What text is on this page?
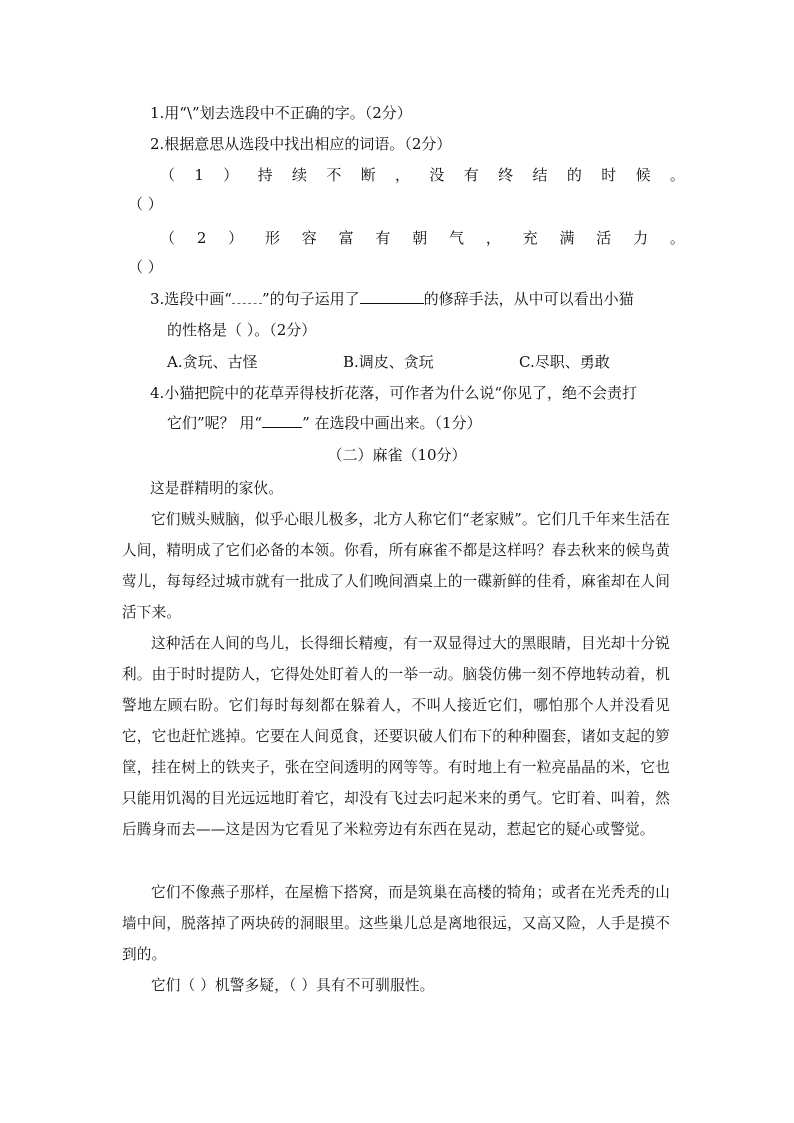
1.用“\”划去选段中不正确的字。（2分）
2.根据意思从选段中找出相应的词语。（2分）
（ 1 ） 持 续 不 断 ， 没 有 终 结 的 时 候 。
（ ）
（ 2 ） 形 容 富 有 朝 气 ， 充 满 活 力 。
（ ）
3.选段中画“ ”的句子运用了	的修辞手法，从中可以看出小猫
的性格是（ ）。（2分）
A.贪玩、古怪	B.调皮、贪玩	C.尽职、勇敢
4.小猫把院中的花草弄得枝折花落，可作者为什么说“你见了，绝不会责打
它们”呢？ 用“	” 在选段中画出来。（1分）
（二）麻雀（10分）
这是群精明的家伙。
它们贼头贼脑，似乎心眼儿极多，北方人称它们“老家贼”。它们几千年来生活在人间，精明成了它们必备的本领。你看，所有麻雀不都是这样吗？春去秋来的候鸟黄莺儿，每每经过城市就有一批成了人们晚间酒桌上的一碟新鲜的佳肴，麻雀却在人间活下来。
这种活在人间的鸟儿，长得细长精瘦，有一双显得过大的黑眼睛，目光却十分锐利。由于时时提防人，它得处处盯着人的一举一动。脑袋仿佛一刻不停地转动着，机警地左顾右盼。它们每时每刻都在躲着人，不叫人接近它们，哪怕那个人并没看见它，它也赶忙逃掉。它要在人间觅食，还要识破人们布下的种种圈套，诸如支起的箩筐，挂在树上的铁夹子，张在空间透明的网等等。有时地上有一粒亮晶晶的米，它也只能用饥渴的目光远远地盯着它，却没有飞过去叼起米来的勇气。它盯着、叫着，然后腾身而去——这是因为它看见了米粒旁边有东西在晃动，惹起它的疑心或警觉。
它们不像燕子那样，在屋檐下搭窝，而是筑巢在高楼的犄角；或者在光秃秃的山墙中间，脱落掉了两块砖的洞眼里。这些巢儿总是离地很远，又高又险，人手是摸不到的。
它们（ ）机警多疑，（ ）具有不可驯服性。
